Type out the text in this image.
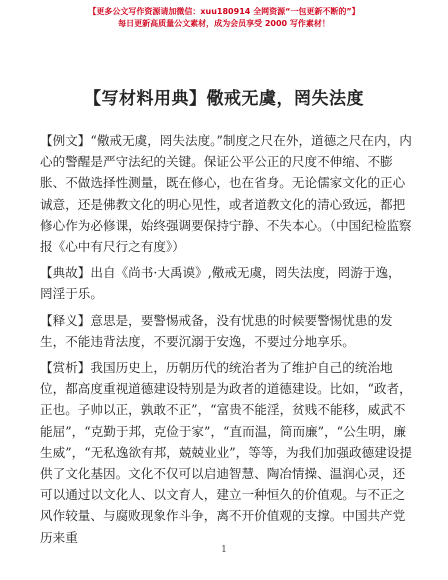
【更多公文写作资源请加微信：xuu180914 全网资源“一包更新不断的”】
每日更新高质量公文素材，成为会员享受 2000 写作素材！
【写材料用典】儆戒无虞，罔失法度

【例文】“儆戒无虞，罔失法度。”制度之尺在外，道德之尺在内，内心的警醒是严守法纪的关键。保证公平公正的尺度不伸缩、不膨胀、不做选择性测量，既在修心，也在省身。无论儒家文化的正心诚意，还是佛教文化的明心见性，或者道教文化的清心致远，都把修心作为必修课，始终强调要保持宁静、不失本心。（中国纪检监察报《心中有尺行之有度》）

【典故】出自《尚书·大禹谟》,儆戒无虞，罔失法度，罔游于逸，罔淫于乐。

【释义】意思是，要警惕戒备，没有忧患的时候要警惕忧患的发生，不能违背法度，不要沉溺于安逸，不要过分地享乐。

【赏析】我国历史上，历朝历代的统治者为了维护自己的统治地位，都高度重视道德建设特别是为政者的道德建设。比如，“政者，正也。子帅以正，孰敢不正”，“富贵不能淫，贫贱不能移，威武不能屈”，“克勤于邦，克俭于家”，“直而温，简而廉”，“公生明，廉生威”，“无私逸欲有邦，兢兢业业”，等等，为我们加强政德建设提供了文化基因。文化不仅可以启迪智慧、陶冶情操、温润心灵，还可以通过以文化人、以文育人，建立一种恒久的价值观。与不正之风作较量、与腐败现象作斗争，离不开价值观的支撑。中国共产党历来重

1
